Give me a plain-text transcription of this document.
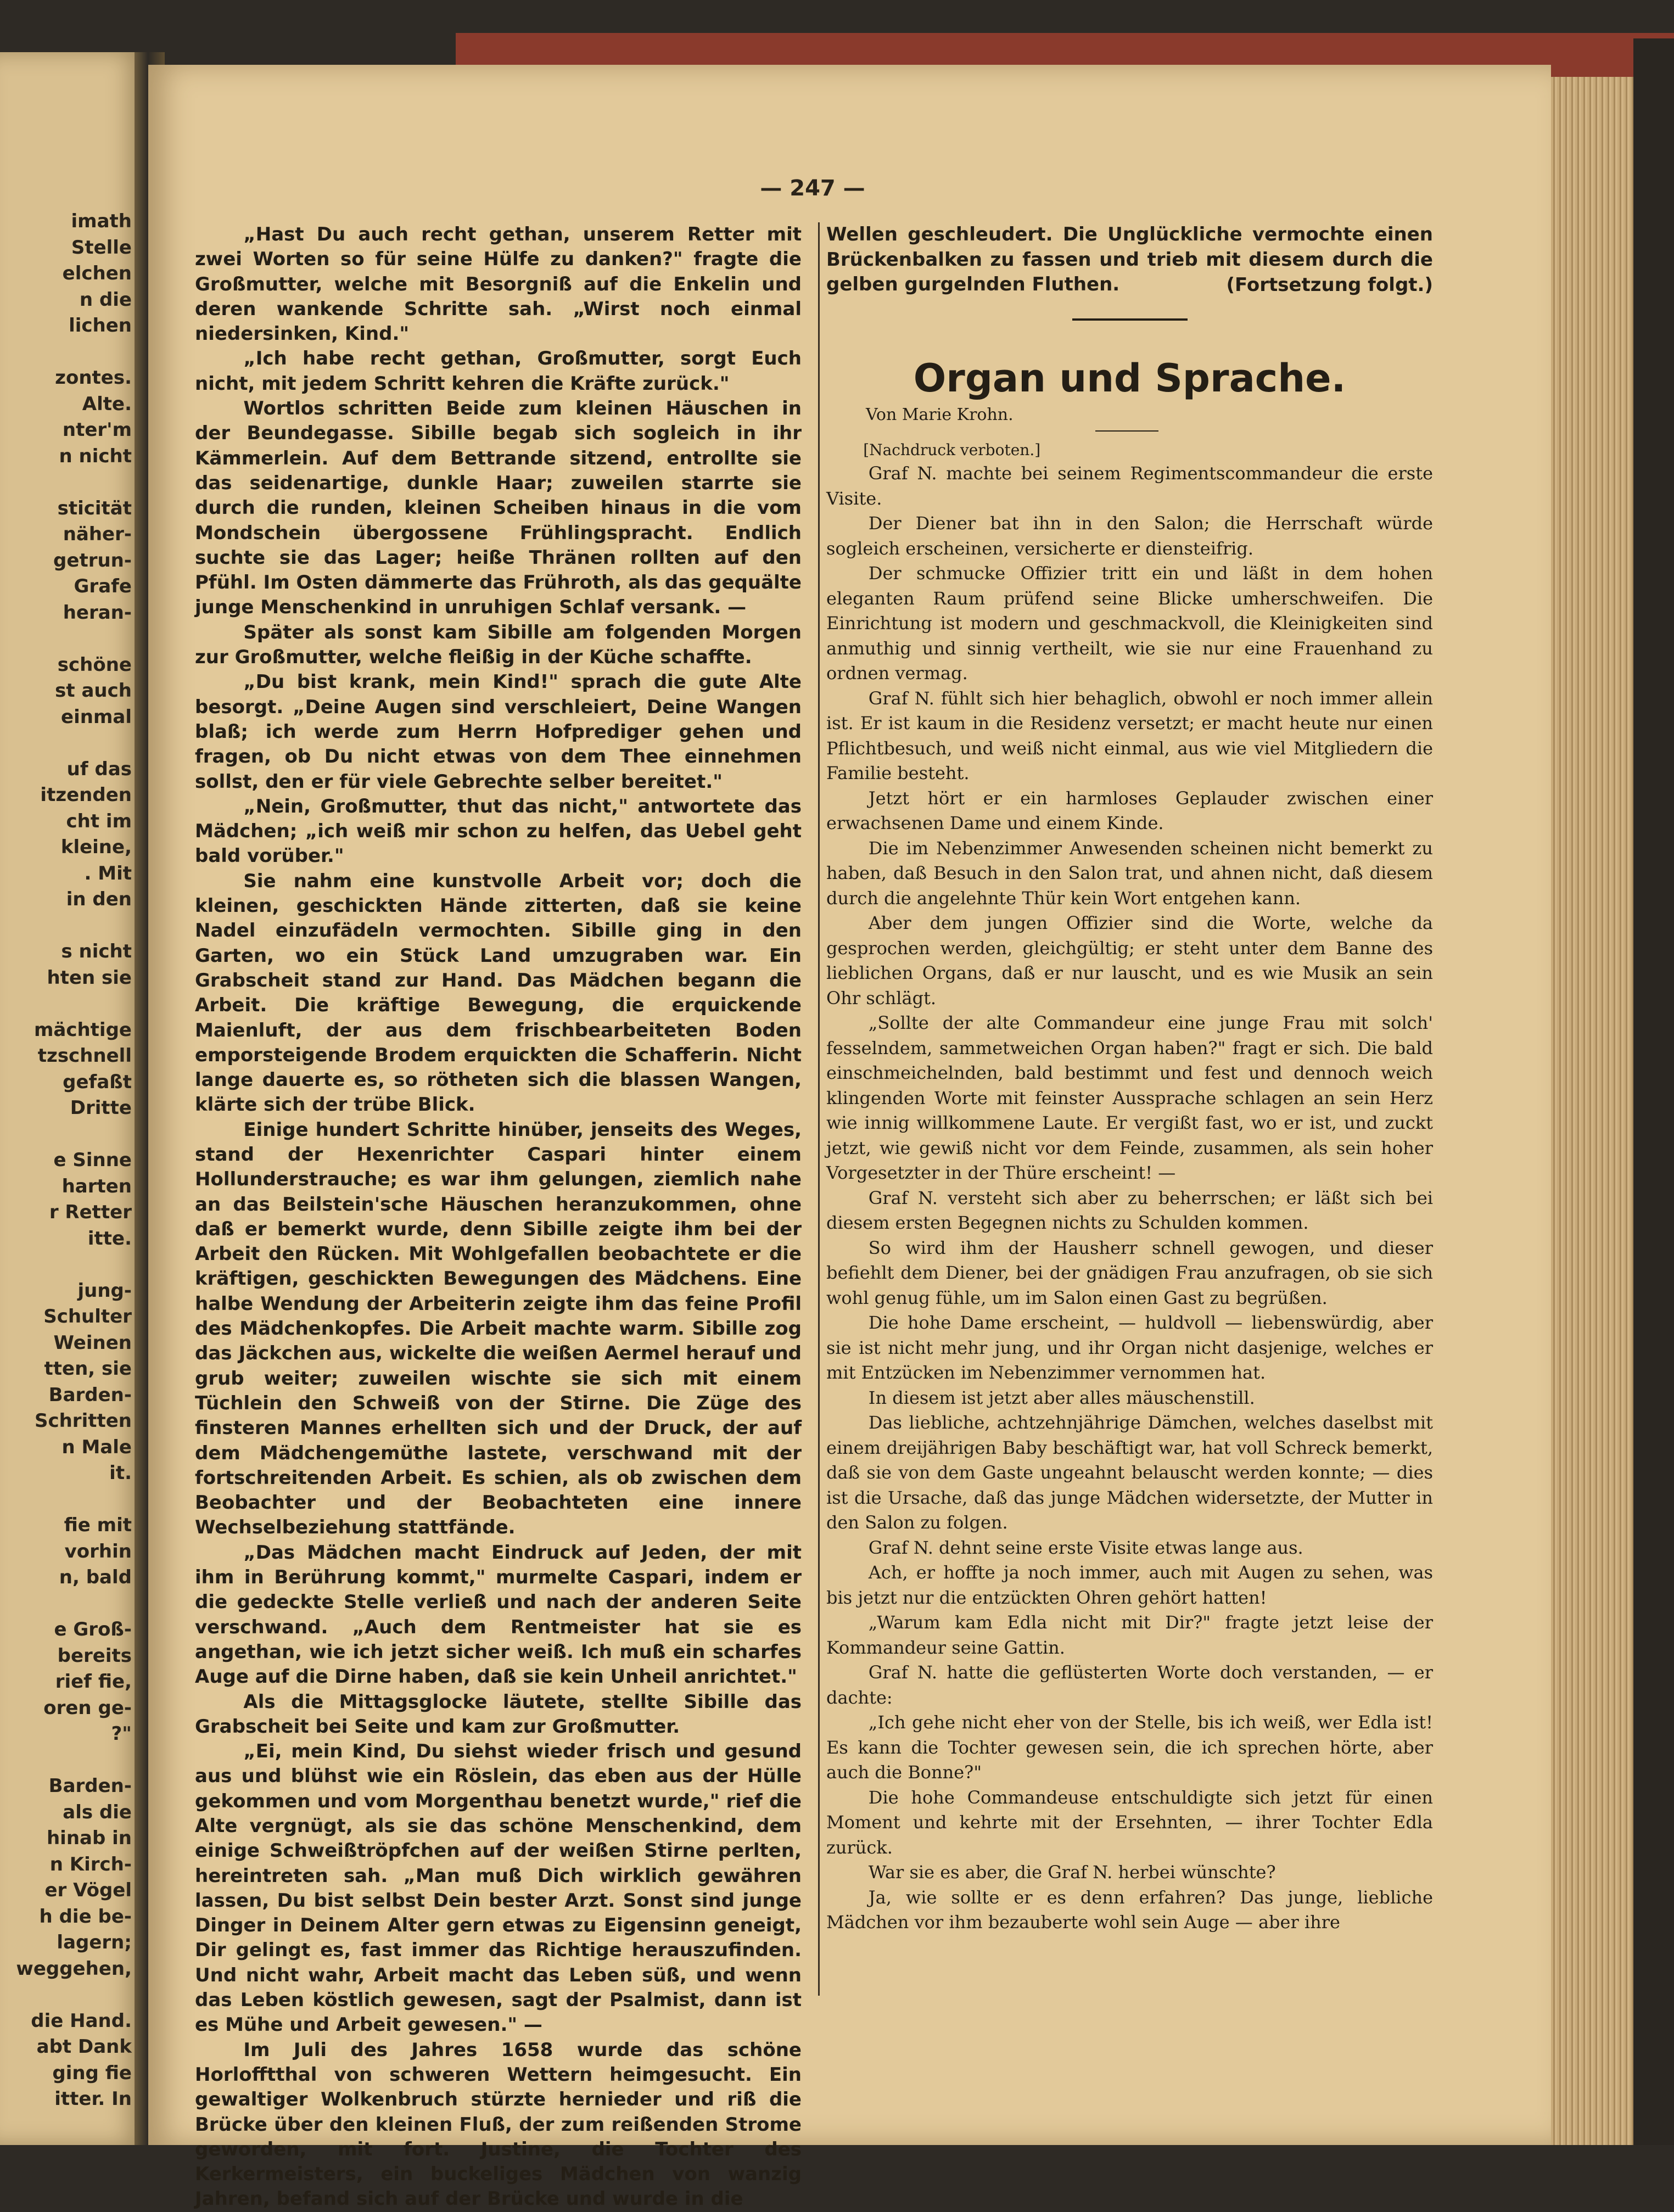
imath
Stelle
elchen
n die
lichen
zontes.
Alte.
nter'm
n nicht
sticität
näher-
getrun-
Grafe
heran-
schöne
st auch
einmal
uf das
itzenden
cht im
kleine,
. Mit
in den
s nicht
hten sie
mächtige
tzschnell
gefaßt
Dritte
e Sinne
harten
r Retter
itte.
jung-
Schulter
Weinen
tten, sie
Barden-
Schritten
n Male
it.
fie mit
vorhin
n, bald
e Groß-
bereits
rief fie,
oren ge-
?"
Barden-
als die
hinab in
n Kirch-
er Vögel
h die be-
lagern;
weggehen,
die Hand.
abt Dank
ging fie
itter. In
— 247 —

„Hast Du auch recht gethan, unserem Retter mit zwei Worten so für seine Hülfe zu danken?" fragte die Großmutter, welche mit Besorgniß auf die Enkelin und deren wankende Schritte sah. „Wirst noch einmal niedersinken, Kind."

„Ich habe recht gethan, Großmutter, sorgt Euch nicht, mit jedem Schritt kehren die Kräfte zurück."

Wortlos schritten Beide zum kleinen Häuschen in der Beundegasse. Sibille begab sich sogleich in ihr Kämmerlein. Auf dem Bettrande sitzend, entrollte sie das seidenartige, dunkle Haar; zuweilen starrte sie durch die runden, kleinen Scheiben hinaus in die vom Mondschein übergossene Frühlingspracht. Endlich suchte sie das Lager; heiße Thränen rollten auf den Pfühl. Im Osten dämmerte das Frühroth, als das gequälte junge Menschenkind in unruhigen Schlaf versank. —

Später als sonst kam Sibille am folgenden Morgen zur Großmutter, welche fleißig in der Küche schaffte.

„Du bist krank, mein Kind!" sprach die gute Alte besorgt. „Deine Augen sind verschleiert, Deine Wangen blaß; ich werde zum Herrn Hofprediger gehen und fragen, ob Du nicht etwas von dem Thee einnehmen sollst, den er für viele Gebrechte selber bereitet."

„Nein, Großmutter, thut das nicht," antwortete das Mädchen; „ich weiß mir schon zu helfen, das Uebel geht bald vorüber."

Sie nahm eine kunstvolle Arbeit vor; doch die kleinen, geschickten Hände zitterten, daß sie keine Nadel einzufädeln vermochten. Sibille ging in den Garten, wo ein Stück Land umzugraben war. Ein Grabscheit stand zur Hand. Das Mädchen begann die Arbeit. Die kräftige Bewegung, die erquickende Maienluft, der aus dem frischbearbeiteten Boden emporsteigende Brodem erquickten die Schafferin. Nicht lange dauerte es, so rötheten sich die blassen Wangen, klärte sich der trübe Blick.

Einige hundert Schritte hinüber, jenseits des Weges, stand der Hexenrichter Caspari hinter einem Hollunderstrauche; es war ihm gelungen, ziemlich nahe an das Beilstein'sche Häuschen heranzukommen, ohne daß er bemerkt wurde, denn Sibille zeigte ihm bei der Arbeit den Rücken. Mit Wohlgefallen beobachtete er die kräftigen, geschickten Bewegungen des Mädchens. Eine halbe Wendung der Arbeiterin zeigte ihm das feine Profil des Mädchenkopfes. Die Arbeit machte warm. Sibille zog das Jäckchen aus, wickelte die weißen Aermel herauf und grub weiter; zuweilen wischte sie sich mit einem Tüchlein den Schweiß von der Stirne. Die Züge des finsteren Mannes erhellten sich und der Druck, der auf dem Mädchengemüthe lastete, verschwand mit der fortschreitenden Arbeit. Es schien, als ob zwischen dem Beobachter und der Beobachteten eine innere Wechselbeziehung stattfände.

„Das Mädchen macht Eindruck auf Jeden, der mit ihm in Berührung kommt," murmelte Caspari, indem er die gedeckte Stelle verließ und nach der anderen Seite verschwand. „Auch dem Rentmeister hat sie es angethan, wie ich jetzt sicher weiß. Ich muß ein scharfes Auge auf die Dirne haben, daß sie kein Unheil anrichtet."

Als die Mittagsglocke läutete, stellte Sibille das Grabscheit bei Seite und kam zur Großmutter.

„Ei, mein Kind, Du siehst wieder frisch und gesund aus und blühst wie ein Röslein, das eben aus der Hülle gekommen und vom Morgenthau benetzt wurde," rief die Alte vergnügt, als sie das schöne Menschenkind, dem einige Schweißtröpfchen auf der weißen Stirne perlten, hereintreten sah. „Man muß Dich wirklich gewähren lassen, Du bist selbst Dein bester Arzt. Sonst sind junge Dinger in Deinem Alter gern etwas zu Eigensinn geneigt, Dir gelingt es, fast immer das Richtige herauszufinden. Und nicht wahr, Arbeit macht das Leben süß, und wenn das Leben köstlich gewesen, sagt der Psalmist, dann ist es Mühe und Arbeit gewesen." —

Im Juli des Jahres 1658 wurde das schöne Horlofftthal von schweren Wettern heimgesucht. Ein gewaltiger Wolkenbruch stürzte hernieder und riß die Brücke über den kleinen Fluß, der zum reißenden Strome geworden, mit fort. Justine, die Tochter des Kerkermeisters, ein buckeliges Mädchen von wanzig Jahren, befand sich auf der Brücke und wurde in die

Wellen geschleudert. Die Unglückliche vermochte einen Brückenbalken zu fassen und trieb mit diesem durch die gelben gurgelnden Fluthen.	(Fortsetzung folgt.)
Organ und Sprache.

Von Marie Krohn.

[Nachdruck verboten.]

Graf N. machte bei seinem Regimentscommandeur die erste Visite.

Der Diener bat ihn in den Salon; die Herrschaft würde sogleich erscheinen, versicherte er diensteifrig.

Der schmucke Offizier tritt ein und läßt in dem hohen eleganten Raum prüfend seine Blicke umherschweifen. Die Einrichtung ist modern und geschmackvoll, die Kleinigkeiten sind anmuthig und sinnig vertheilt, wie sie nur eine Frauenhand zu ordnen vermag.

Graf N. fühlt sich hier behaglich, obwohl er noch immer allein ist. Er ist kaum in die Residenz versetzt; er macht heute nur einen Pflichtbesuch, und weiß nicht einmal, aus wie viel Mitgliedern die Familie besteht.

Jetzt hört er ein harmloses Geplauder zwischen einer erwachsenen Dame und einem Kinde.

Die im Nebenzimmer Anwesenden scheinen nicht bemerkt zu haben, daß Besuch in den Salon trat, und ahnen nicht, daß diesem durch die angelehnte Thür kein Wort entgehen kann.

Aber dem jungen Offizier sind die Worte, welche da gesprochen werden, gleichgültig; er steht unter dem Banne des lieblichen Organs, daß er nur lauscht, und es wie Musik an sein Ohr schlägt.

„Sollte der alte Commandeur eine junge Frau mit solch' fesselndem, sammetweichen Organ haben?" fragt er sich. Die bald einschmeichelnden, bald bestimmt und fest und dennoch weich klingenden Worte mit feinster Aussprache schlagen an sein Herz wie innig willkommene Laute. Er vergißt fast, wo er ist, und zuckt jetzt, wie gewiß nicht vor dem Feinde, zusammen, als sein hoher Vorgesetzter in der Thüre erscheint! —

Graf N. versteht sich aber zu beherrschen; er läßt sich bei diesem ersten Begegnen nichts zu Schulden kommen.

So wird ihm der Hausherr schnell gewogen, und dieser befiehlt dem Diener, bei der gnädigen Frau anzufragen, ob sie sich wohl genug fühle, um im Salon einen Gast zu begrüßen.

Die hohe Dame erscheint, — huldvoll — liebenswürdig, aber sie ist nicht mehr jung, und ihr Organ nicht dasjenige, welches er mit Entzücken im Nebenzimmer vernommen hat.

In diesem ist jetzt aber alles mäuschenstill.

Das liebliche, achtzehnjährige Dämchen, welches daselbst mit einem dreijährigen Baby beschäftigt war, hat voll Schreck bemerkt, daß sie von dem Gaste ungeahnt belauscht werden konnte; — dies ist die Ursache, daß das junge Mädchen widersetzte, der Mutter in den Salon zu folgen.

Graf N. dehnt seine erste Visite etwas lange aus.

Ach, er hoffte ja noch immer, auch mit Augen zu sehen, was bis jetzt nur die entzückten Ohren gehört hatten!

„Warum kam Edla nicht mit Dir?" fragte jetzt leise der Kommandeur seine Gattin.

Graf N. hatte die geflüsterten Worte doch verstanden, — er dachte:

„Ich gehe nicht eher von der Stelle, bis ich weiß, wer Edla ist! Es kann die Tochter gewesen sein, die ich sprechen hörte, aber auch die Bonne?"

Die hohe Commandeuse entschuldigte sich jetzt für einen Moment und kehrte mit der Ersehnten, — ihrer Tochter Edla zurück.

War sie es aber, die Graf N. herbei wünschte?

Ja, wie sollte er es denn erfahren? Das junge, liebliche Mädchen vor ihm bezauberte wohl sein Auge — aber ihre
